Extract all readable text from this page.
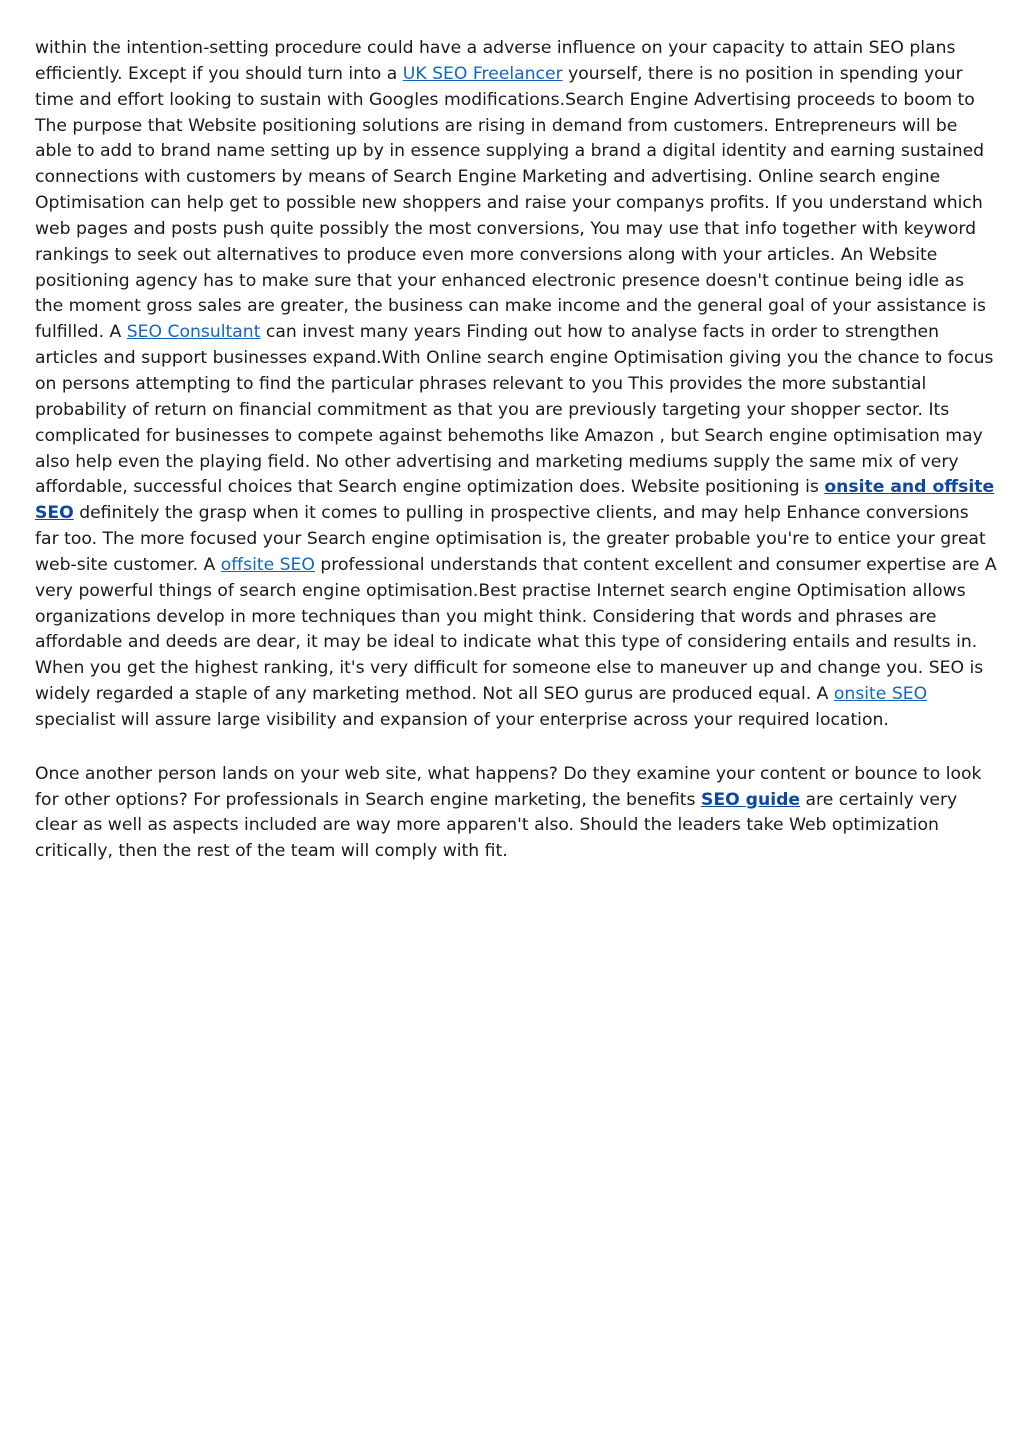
within the intention-setting procedure could have a adverse influence on your capacity to attain SEO plans efficiently. Except if you should turn into a UK SEO Freelancer yourself, there is no position in spending your time and effort looking to sustain with Googles modifications.Search Engine Advertising proceeds to boom to The purpose that Website positioning solutions are rising in demand from customers. Entrepreneurs will be able to add to brand name setting up by in essence supplying a brand a digital identity and earning sustained connections with customers by means of Search Engine Marketing and advertising. Online search engine Optimisation can help get to possible new shoppers and raise your companys profits. If you understand which web pages and posts push quite possibly the most conversions, You may use that info together with keyword rankings to seek out alternatives to produce even more conversions along with your articles. An Website positioning agency has to make sure that your enhanced electronic presence doesn't continue being idle as the moment gross sales are greater, the business can make income and the general goal of your assistance is fulfilled. A SEO Consultant can invest many years Finding out how to analyse facts in order to strengthen articles and support businesses expand.With Online search engine Optimisation giving you the chance to focus on persons attempting to find the particular phrases relevant to you This provides the more substantial probability of return on financial commitment as that you are previously targeting your shopper sector. Its complicated for businesses to compete against behemoths like Amazon , but Search engine optimisation may also help even the playing field. No other advertising and marketing mediums supply the same mix of very affordable, successful choices that Search engine optimization does. Website positioning is onsite and offsite SEO definitely the grasp when it comes to pulling in prospective clients, and may help Enhance conversions far too. The more focused your Search engine optimisation is, the greater probable you're to entice your great web-site customer. A offsite SEO professional understands that content excellent and consumer expertise are A very powerful things of search engine optimisation.Best practise Internet search engine Optimisation allows organizations develop in more techniques than you might think. Considering that words and phrases are affordable and deeds are dear, it may be ideal to indicate what this type of considering entails and results in. When you get the highest ranking, it's very difficult for someone else to maneuver up and change you. SEO is widely regarded a staple of any marketing method. Not all SEO gurus are produced equal. A onsite SEO specialist will assure large visibility and expansion of your enterprise across your required location.

Once another person lands on your web site, what happens? Do they examine your content or bounce to look for other options? For professionals in Search engine marketing, the benefits SEO guide are certainly very clear as well as aspects included are way more apparen't also. Should the leaders take Web optimization critically, then the rest of the team will comply with fit.
